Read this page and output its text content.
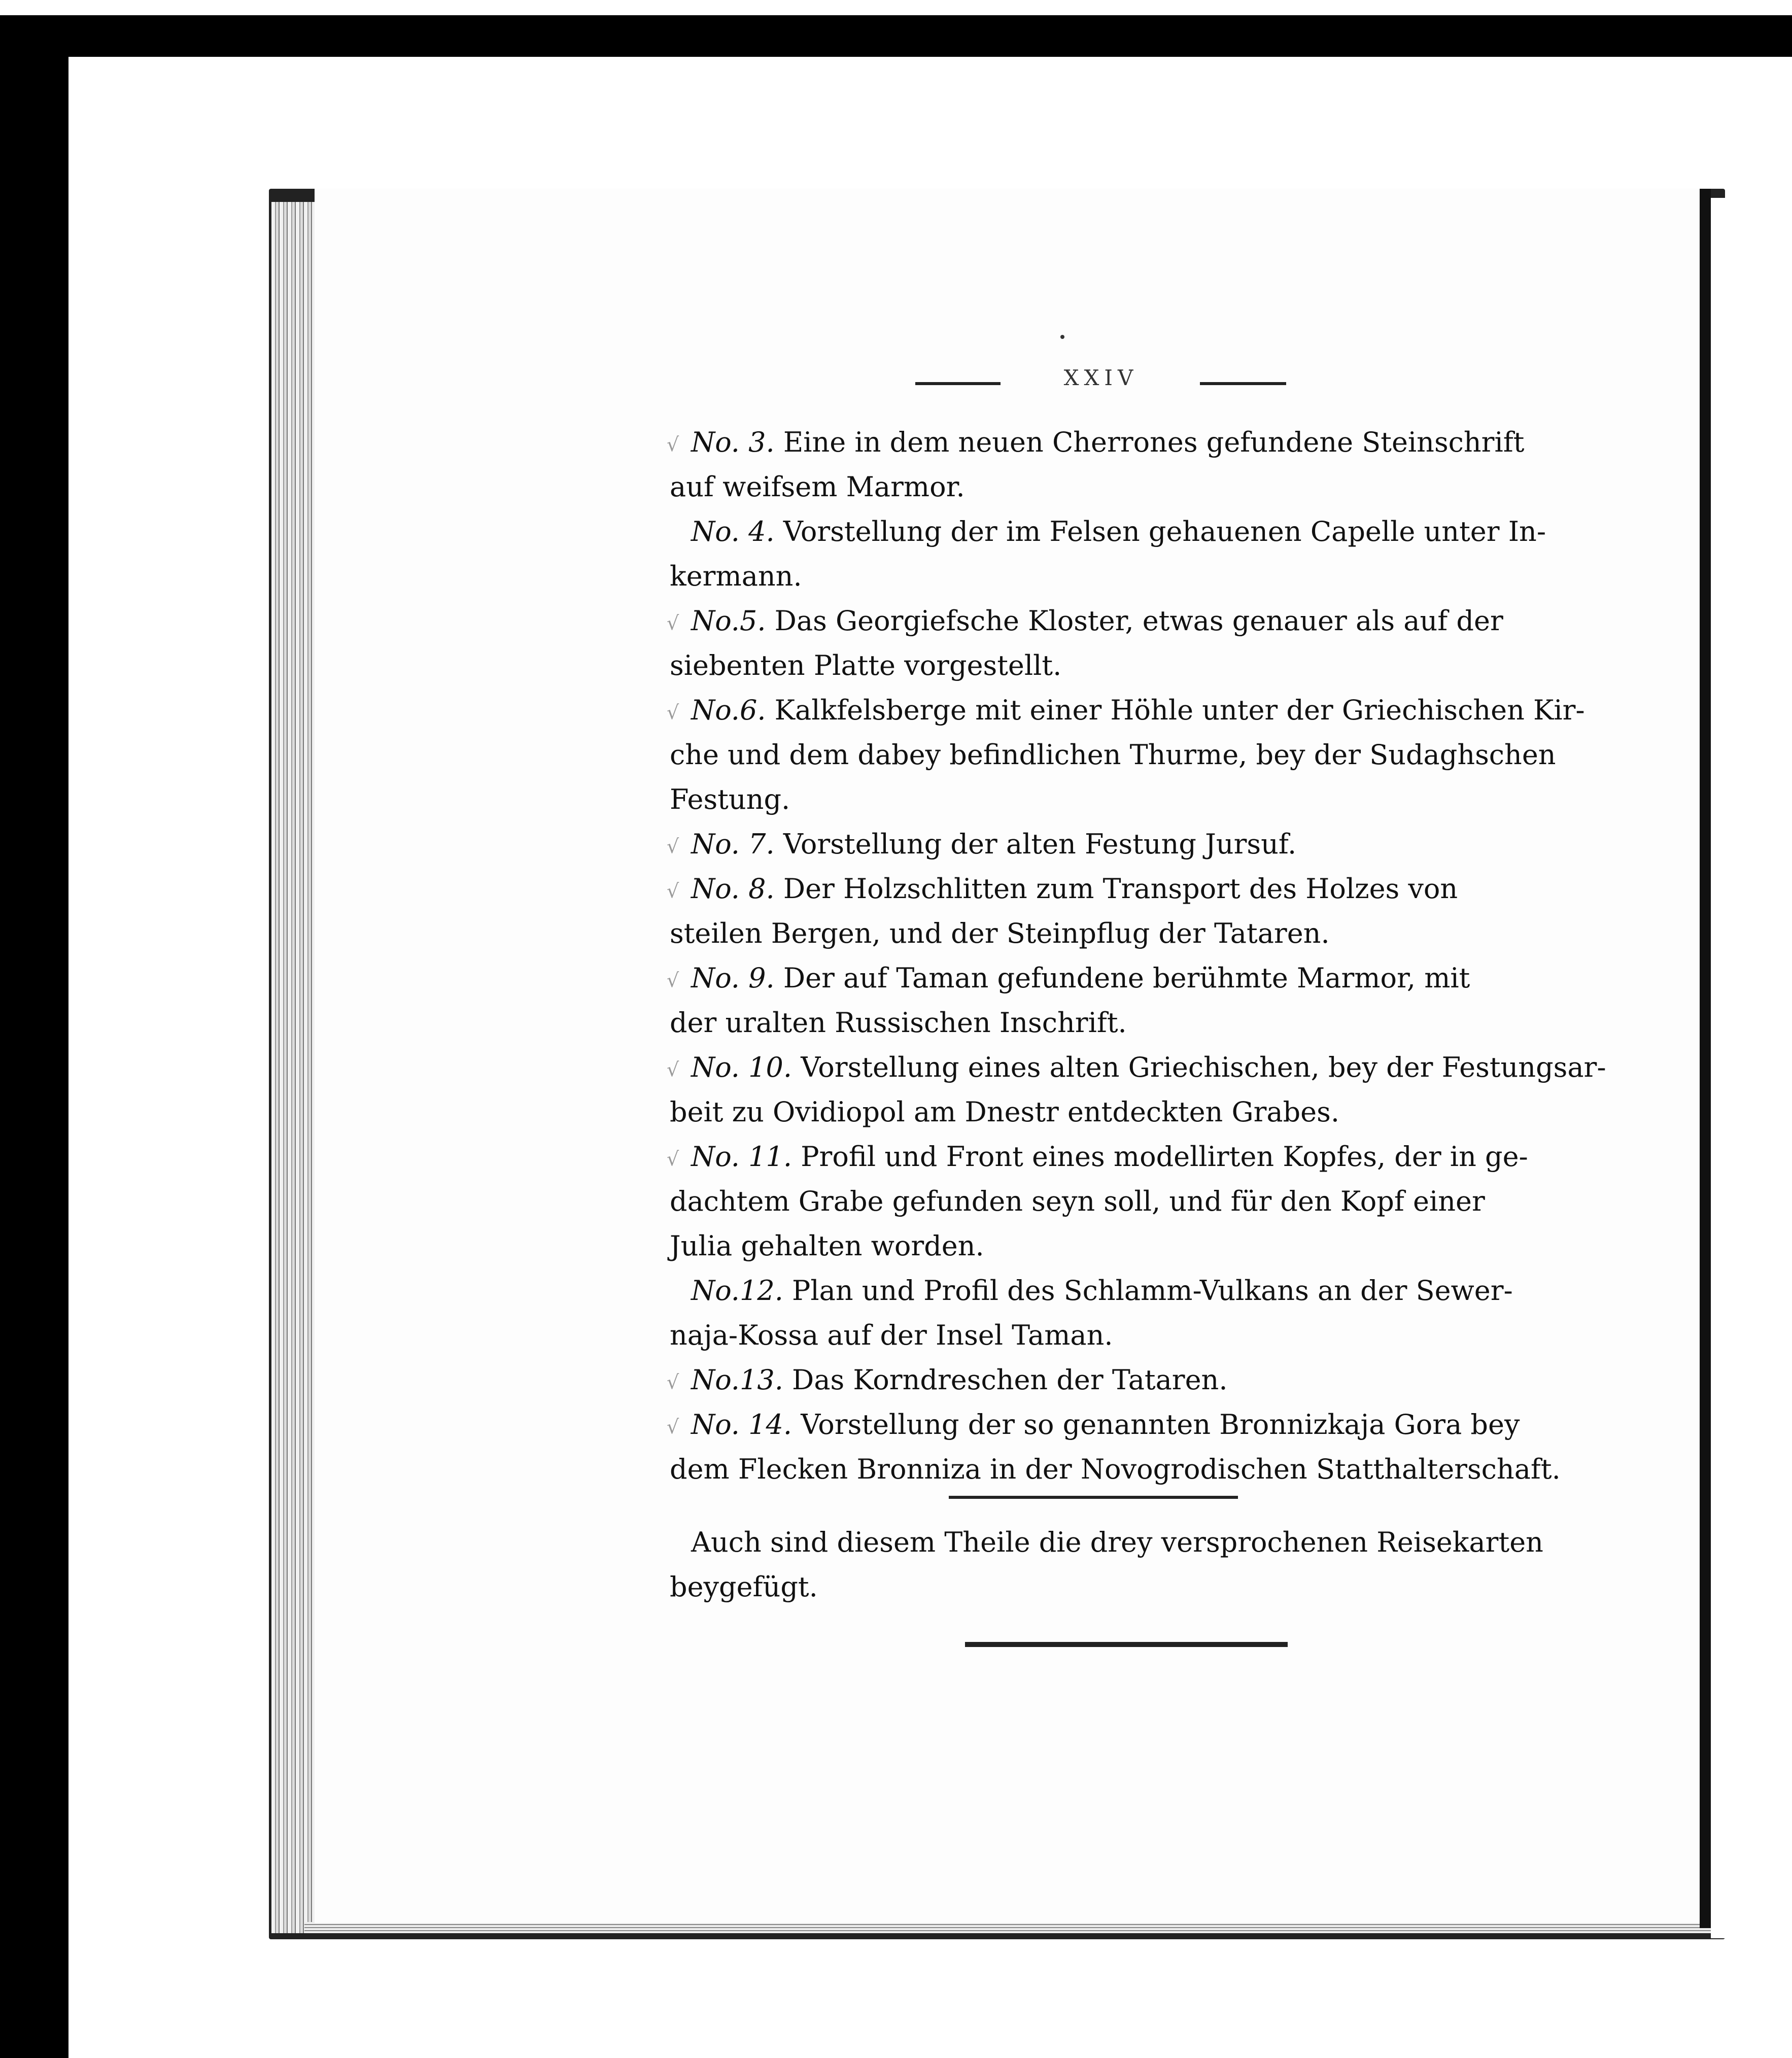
XXIV
√ No. 3. Eine in dem neuen Cherrones gefundene Steinschrift
auf weifsem Marmor.
No. 4. Vorstellung der im Felsen gehauenen Capelle unter In-
kermann.
√ No.5. Das Georgiefsche Kloster, etwas genauer als auf der
siebenten Platte vorgestellt.
√ No.6. Kalkfelsberge mit einer Höhle unter der Griechischen Kir-
che und dem dabey befindlichen Thurme, bey der Sudaghschen
Festung.
√ No. 7. Vorstellung der alten Festung Jursuf.
√ No. 8. Der Holzschlitten zum Transport des Holzes von
steilen Bergen, und der Steinpflug der Tataren.
√ No. 9. Der auf Taman gefundene berühmte Marmor, mit
der uralten Russischen Inschrift.
√ No. 10. Vorstellung eines alten Griechischen, bey der Festungsar-
beit zu Ovidiopol am Dnestr entdeckten Grabes.
√ No. 11. Profil und Front eines modellirten Kopfes, der in ge-
dachtem Grabe gefunden seyn soll, und für den Kopf einer
Julia gehalten worden.
No.12. Plan und Profil des Schlamm-Vulkans an der Sewer-
naja-Kossa auf der Insel Taman.
√ No.13. Das Korndreschen der Tataren.
√ No. 14. Vorstellung der so genannten Bronnizkaja Gora bey
dem Flecken Bronniza in der Novogrodischen Statthalterschaft.
Auch sind diesem Theile die drey versprochenen Reisekarten
beygefügt.
